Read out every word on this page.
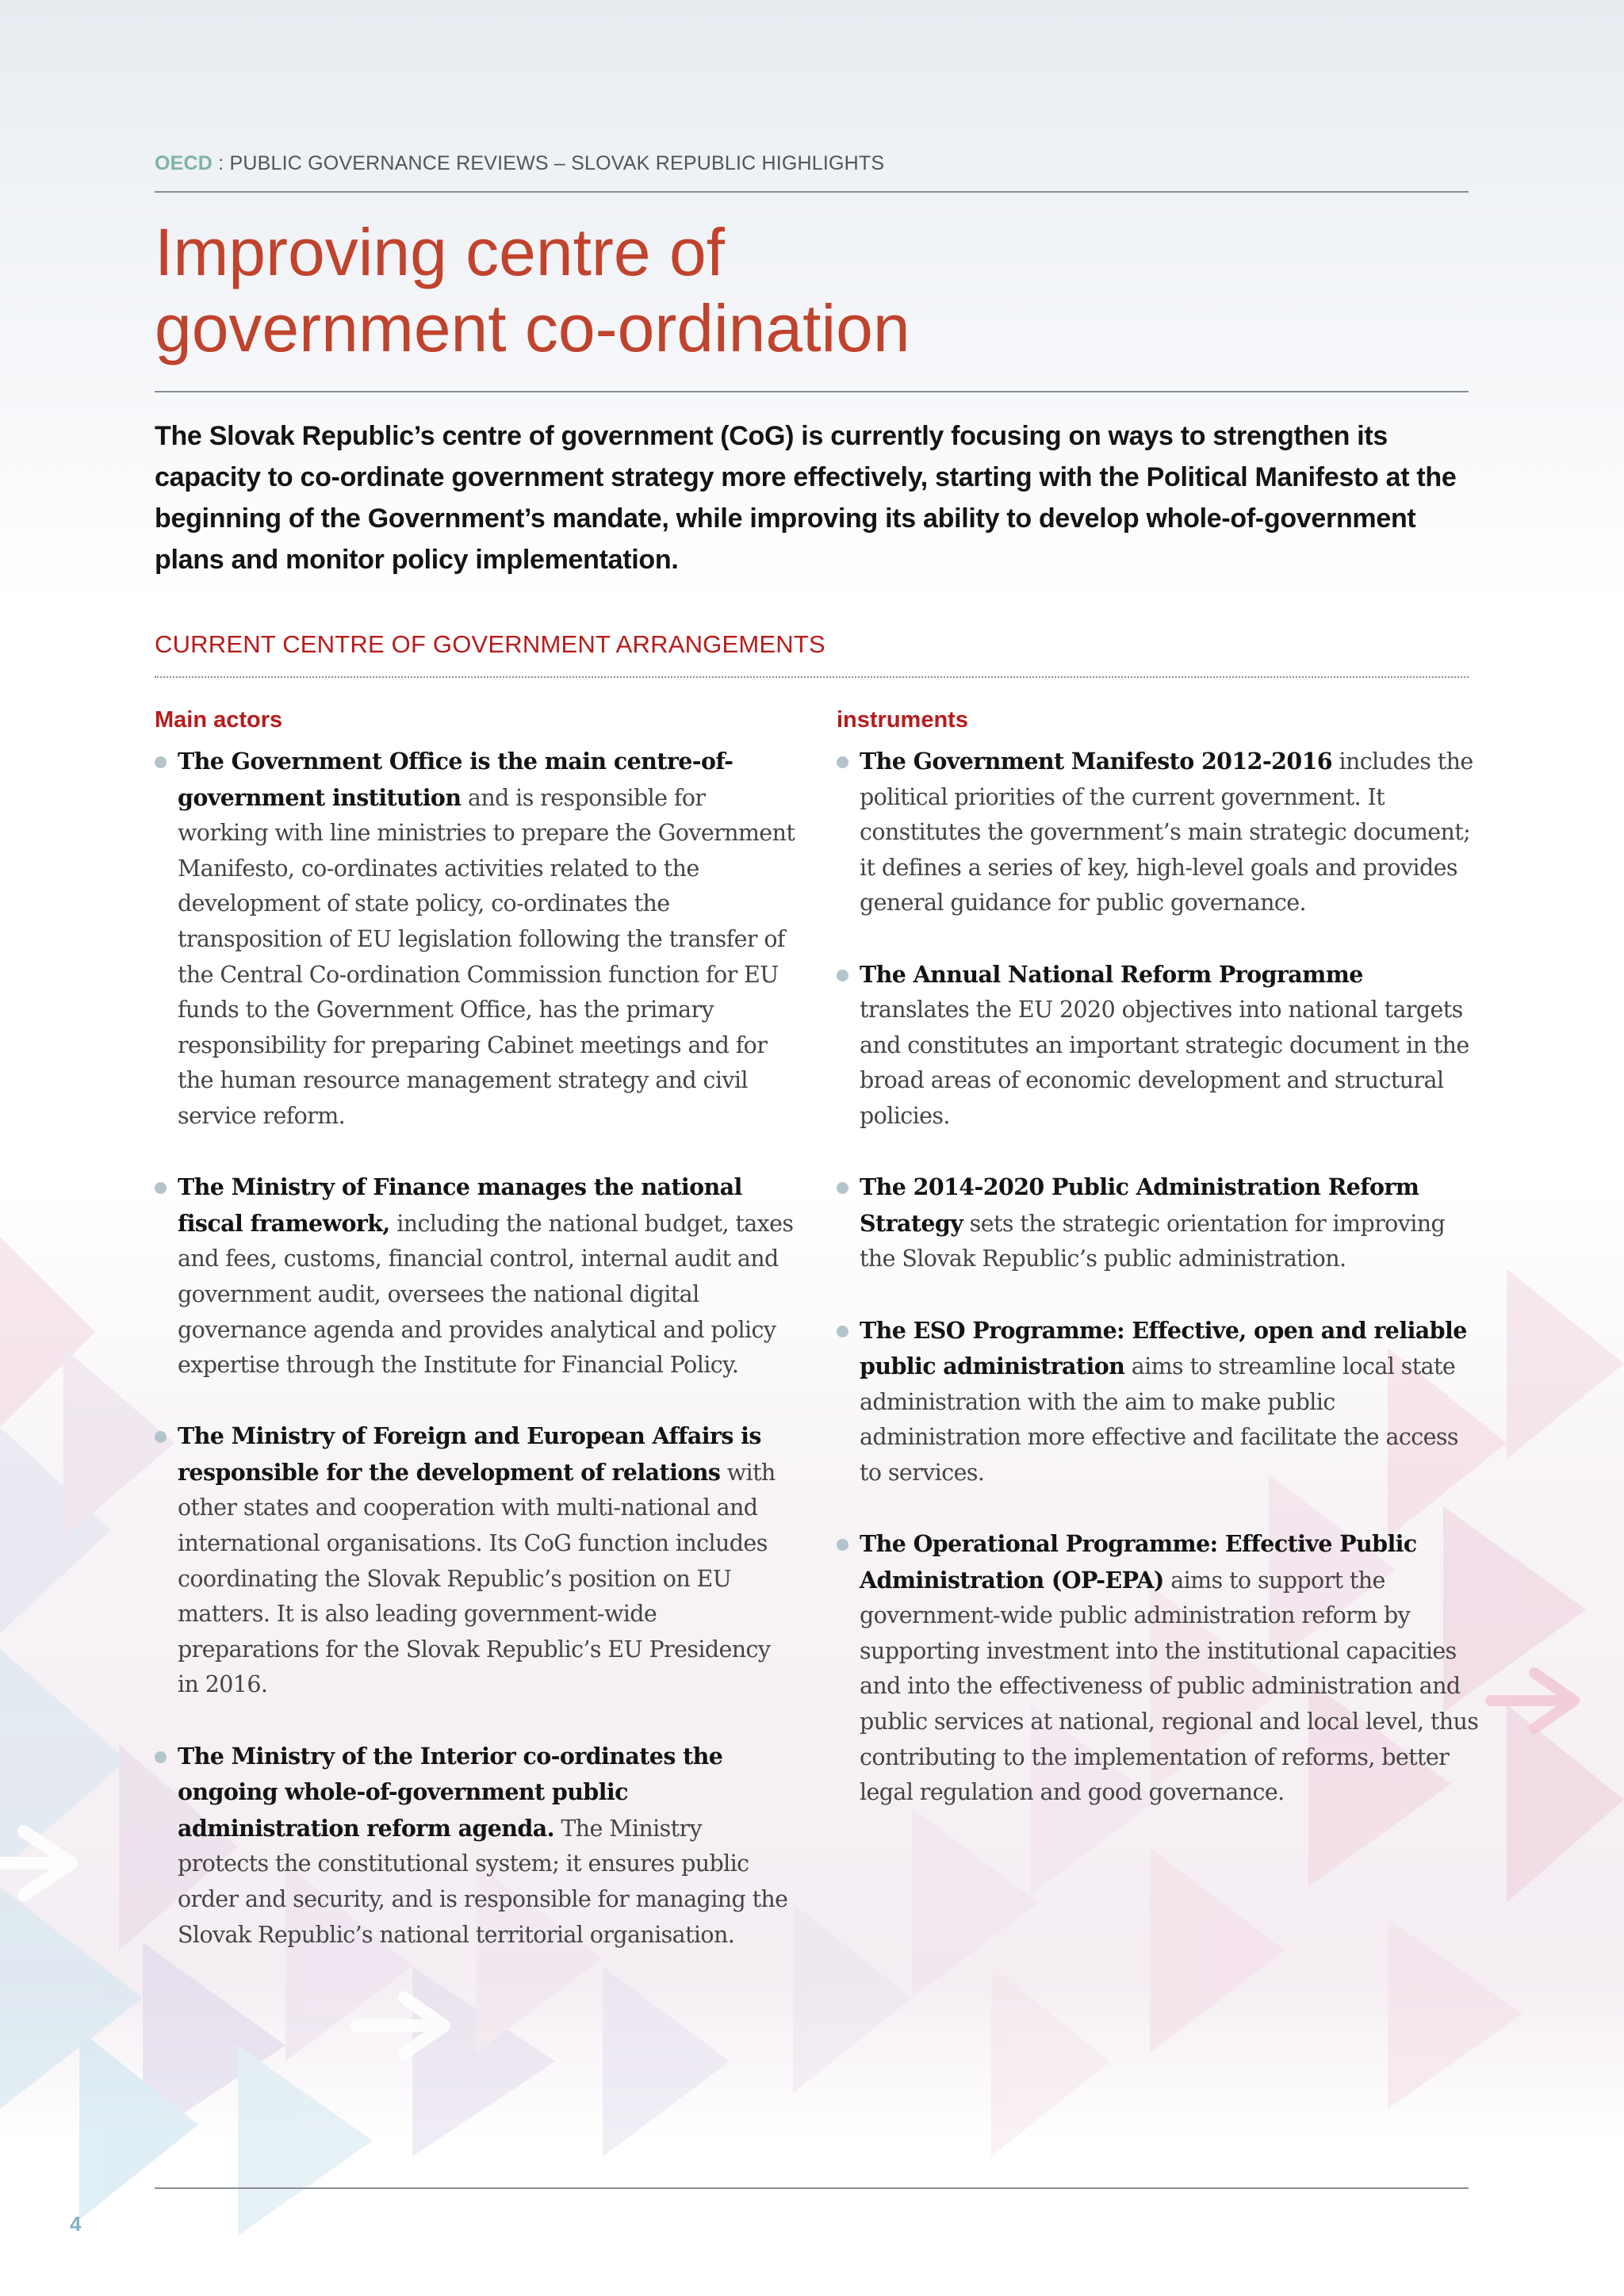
OECD : PUBLIC GOVERNANCE REVIEWS – SLOVAK REPUBLIC HIGHLIGHTS
Improving centre of
government co-ordination

The Slovak Republic’s centre of government (CoG) is currently focusing on ways to strengthen its capacity to co-ordinate government strategy more effectively, starting with the Political Manifesto at the beginning of the Government’s mandate, while improving its ability to develop whole-of-government plans and monitor policy implementation.

CURRENT CENTRE OF GOVERNMENT ARRANGEMENTS
Main actors
The Government Office is the main centre-of-government institution and is responsible for working with line ministries to prepare the Government Manifesto, co-ordinates activities related to the development of state policy, co-ordinates the transposition of EU legislation following the transfer of the Central Co-ordination Commission function for EU funds to the Government Office, has the primary responsibility for preparing Cabinet meetings and for the human resource management strategy and civil service reform.
The Ministry of Finance manages the national fiscal framework, including the national budget, taxes and fees, customs, financial control, internal audit and government audit, oversees the national digital governance agenda and provides analytical and policy expertise through the Institute for Financial Policy.
The Ministry of Foreign and European Affairs is responsible for the development of relations with other states and cooperation with multi-national and international organisations. Its CoG function includes coordinating the Slovak Republic’s position on EU matters. It is also leading government-wide preparations for the Slovak Republic’s EU Presidency in 2016.
The Ministry of the Interior co-ordinates the ongoing whole-of-government public administration reform agenda. The Ministry protects the constitutional system; it ensures public order and security, and is responsible for managing the Slovak Republic’s national territorial organisation.
instruments
The Government Manifesto 2012-2016 includes the political priorities of the current government. It constitutes the government’s main strategic document; it defines a series of key, high-level goals and provides general guidance for public governance.
The Annual National Reform Programme translates the EU 2020 objectives into national targets and constitutes an important strategic document in the broad areas of economic development and structural policies.
The 2014-2020 Public Administration Reform Strategy sets the strategic orientation for improving the Slovak Republic’s public administration.
The ESO Programme: Effective, open and reliable public administration aims to streamline local state administration with the aim to make public administration more effective and facilitate the access to services.
The Operational Programme: Effective Public Administration (OP-EPA) aims to support the government-wide public administration reform by supporting investment into the institutional capacities and into the effectiveness of public administration and public services at national, regional and local level, thus contributing to the implementation of reforms, better legal regulation and good governance.
4
